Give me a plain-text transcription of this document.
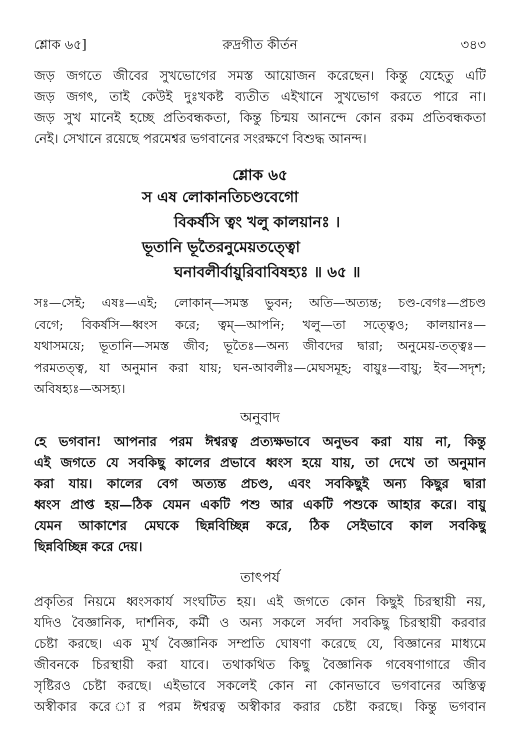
শ্লোক ৬৫]	রুদ্রগীত কীর্তন	৩৪৩
জড় জগতে জীবের সুখভোগের সমস্ত আয়োজন করেছেন। কিন্তু যেহেতু এটি
জড় জগৎ, তাই কেউই দুঃখকষ্ট ব্যতীত এইখানে সুখভোগ করতে পারে না।
জড় সুখ মানেই হচ্ছে প্রতিবন্ধকতা, কিন্তু চিন্ময় আনন্দে কোন রকম প্রতিবন্ধকতা
নেই। সেখানে রয়েছে পরমেশ্বর ভগবানের সংরক্ষণে বিশুদ্ধ আনন্দ।
শ্লোক ৬৫
স এষ লোকানতিচণ্ডবেগো
বিকর্ষসি ত্বং খলু কালয়ানঃ ।
ভূতানি ভূতৈরনুমেয়তত্ত্বো
ঘনাবলীর্বায়ুরিবাবিষহ্যঃ ॥ ৬৫ ॥
সঃ—সেই; এষঃ—এই; লোকান্—সমস্ত ভুবন; অতি—অত্যন্ত; চণ্ড-বেগঃ—প্রচণ্ড
বেগে; বিকর্ষসি—ধ্বংস করে; ত্বম্—আপনি; খলু—তা সত্ত্বেও; কালয়ানঃ—
যথাসময়ে; ভূতানি—সমস্ত জীব; ভূতৈঃ—অন্য জীবদের দ্বারা; অনুমেয়-তত্ত্বঃ—
পরমতত্ত্ব, যা অনুমান করা যায়; ঘন-আবলীঃ—মেঘসমূহ; বায়ুঃ—বায়ু; ইব—সদৃশ;
অবিষহ্যঃ—অসহ্য।
অনুবাদ
হে ভগবান! আপনার পরম ঈশ্বরত্ব প্রত্যক্ষভাবে অনুভব করা যায় না, কিন্তু
এই জগতে যে সবকিছু কালের প্রভাবে ধ্বংস হয়ে যায়, তা দেখে তা অনুমান
করা যায়। কালের বেগ অত্যন্ত প্রচণ্ড, এবং সবকিছুই অন্য কিছুর দ্বারা
ধ্বংস প্রাপ্ত হয়—ঠিক যেমন একটি পশু আর একটি পশুকে আহার করে। বায়ু
যেমন আকাশের মেঘকে ছিন্নবিচ্ছিন্ন করে, ঠিক সেইভাবে কাল সবকিছু
ছিন্নবিচ্ছিন্ন করে দেয়।
তাৎপর্য
প্রকৃতির নিয়মে ধ্বংসকার্য সংঘটিত হয়। এই জগতে কোন কিছুই চিরস্থায়ী নয়,
যদিও বৈজ্ঞানিক, দার্শনিক, কর্মী ও অন্য সকলে সর্বদা সবকিছু চিরস্থায়ী করবার
চেষ্টা করছে। এক মূর্খ বৈজ্ঞানিক সম্প্রতি ঘোষণা করেছে যে, বিজ্ঞানের মাধ্যমে
জীবনকে চিরস্থায়ী করা যাবে। তথাকথিত কিছু বৈজ্ঞানিক গবেষণাগারে জীব
সৃষ্টিরও চেষ্টা করছে। এইভাবে সকলেই কোন না কোনভাবে ভগবানের অস্তিত্ব
অস্বীকার করে ার পরম ঈশ্বরত্ব অস্বীকার করার চেষ্টা করছে। কিন্তু ভগবান
